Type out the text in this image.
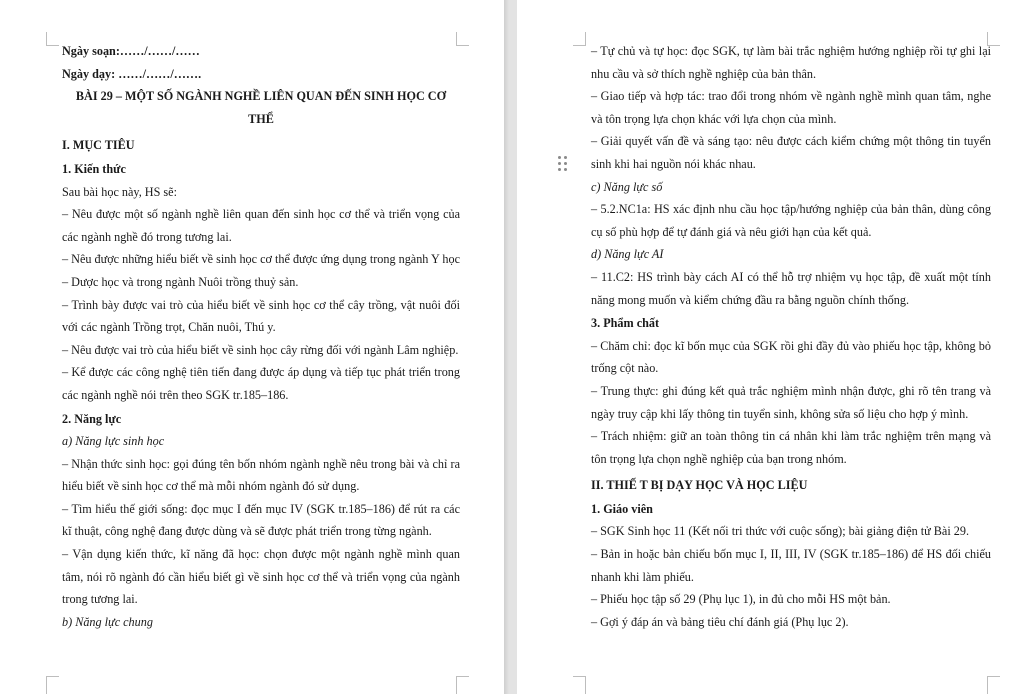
Ngày soạn:……/……/……

Ngày dạy: ……/……/…….

BÀI 29 – MỘT SỐ NGÀNH NGHỀ LIÊN QUAN ĐẾN SINH HỌC CƠ THỂ

I. MỤC TIÊU

1. Kiến thức

Sau bài học này, HS sẽ:

– Nêu được một số ngành nghề liên quan đến sinh học cơ thể và triển vọng của các ngành nghề đó trong tương lai.

– Nêu được những hiểu biết về sinh học cơ thể được ứng dụng trong ngành Y học – Dược học và trong ngành Nuôi trồng thuỷ sản.

– Trình bày được vai trò của hiểu biết về sinh học cơ thể cây trồng, vật nuôi đối với các ngành Trồng trọt, Chăn nuôi, Thú y.

– Nêu được vai trò của hiểu biết về sinh học cây rừng đối với ngành Lâm nghiệp.

– Kể được các công nghệ tiên tiến đang được áp dụng và tiếp tục phát triển trong các ngành nghề nói trên theo SGK tr.185–186.

2. Năng lực

a) Năng lực sinh học

– Nhận thức sinh học: gọi đúng tên bốn nhóm ngành nghề nêu trong bài và chỉ ra hiểu biết về sinh học cơ thể mà mỗi nhóm ngành đó sử dụng.

– Tìm hiểu thế giới sống: đọc mục I đến mục IV (SGK tr.185–186) để rút ra các kĩ thuật, công nghệ đang được dùng và sẽ được phát triển trong từng ngành.

– Vận dụng kiến thức, kĩ năng đã học: chọn được một ngành nghề mình quan tâm, nói rõ ngành đó cần hiểu biết gì về sinh học cơ thể và triển vọng của ngành trong tương lai.

b) Năng lực chung

– Tự chủ và tự học: đọc SGK, tự làm bài trắc nghiệm hướng nghiệp rồi tự ghi lại nhu cầu và sở thích nghề nghiệp của bản thân.

– Giao tiếp và hợp tác: trao đổi trong nhóm về ngành nghề mình quan tâm, nghe và tôn trọng lựa chọn khác với lựa chọn của mình.

– Giải quyết vấn đề và sáng tạo: nêu được cách kiểm chứng một thông tin tuyển sinh khi hai nguồn nói khác nhau.

c) Năng lực số

– 5.2.NC1a: HS xác định nhu cầu học tập/hướng nghiệp của bản thân, dùng công cụ số phù hợp để tự đánh giá và nêu giới hạn của kết quả.

d) Năng lực AI

– 11.C2: HS trình bày cách AI có thể hỗ trợ nhiệm vụ học tập, đề xuất một tính năng mong muốn và kiểm chứng đầu ra bằng nguồn chính thống.

3. Phẩm chất

– Chăm chỉ: đọc kĩ bốn mục của SGK rồi ghi đầy đủ vào phiếu học tập, không bỏ trống cột nào.

– Trung thực: ghi đúng kết quả trắc nghiệm mình nhận được, ghi rõ tên trang và ngày truy cập khi lấy thông tin tuyển sinh, không sửa số liệu cho hợp ý mình.

– Trách nhiệm: giữ an toàn thông tin cá nhân khi làm trắc nghiệm trên mạng và tôn trọng lựa chọn nghề nghiệp của bạn trong nhóm.

II. THIẾ T BỊ DẠY HỌC VÀ HỌC LIỆU

1. Giáo viên

– SGK Sinh học 11 (Kết nối tri thức với cuộc sống); bài giảng điện tử Bài 29.

– Bản in hoặc bản chiếu bốn mục I, II, III, IV (SGK tr.185–186) để HS đối chiếu nhanh khi làm phiếu.

– Phiếu học tập số 29 (Phụ lục 1), in đủ cho mỗi HS một bản.

– Gợi ý đáp án và bảng tiêu chí đánh giá (Phụ lục 2).
